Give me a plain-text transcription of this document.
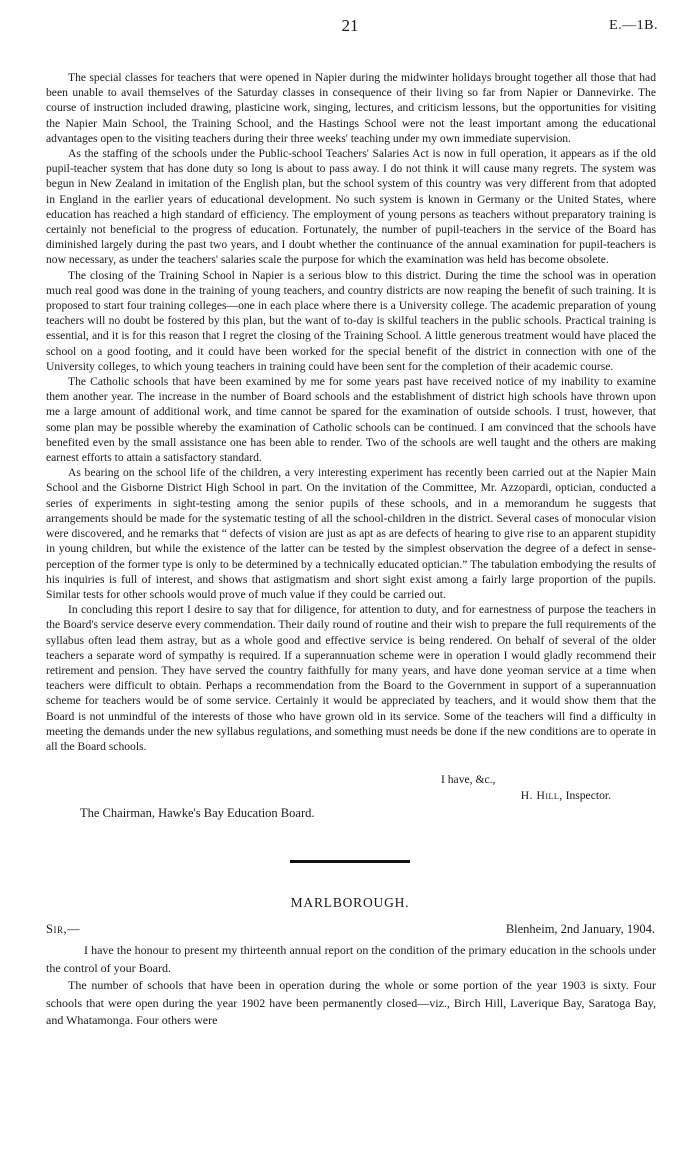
21	E.—1B.

The special classes for teachers that were opened in Napier during the midwinter holidays brought together all those that had been unable to avail themselves of the Saturday classes in consequence of their living so far from Napier or Dannevirke. The course of instruction included drawing, plasticine work, singing, lectures, and criticism lessons, but the opportunities for visiting the Napier Main School, the Training School, and the Hastings School were not the least important among the educational advantages open to the visiting teachers during their three weeks' teaching under my own immediate supervision.

As the staffing of the schools under the Public-school Teachers' Salaries Act is now in full operation, it appears as if the old pupil-teacher system that has done duty so long is about to pass away. I do not think it will cause many regrets. The system was begun in New Zealand in imitation of the English plan, but the school system of this country was very different from that adopted in England in the earlier years of educational development. No such system is known in Germany or the United States, where education has reached a high standard of efficiency. The employment of young persons as teachers without preparatory training is certainly not beneficial to the progress of education. Fortunately, the number of pupil-teachers in the service of the Board has diminished largely during the past two years, and I doubt whether the continuance of the annual examination for pupil-teachers is now necessary, as under the teachers' salaries scale the purpose for which the examination was held has become obsolete.

The closing of the Training School in Napier is a serious blow to this district. During the time the school was in operation much real good was done in the training of young teachers, and country districts are now reaping the benefit of such training. It is proposed to start four training colleges—one in each place where there is a University college. The academic preparation of young teachers will no doubt be fostered by this plan, but the want of to-day is skilful teachers in the public schools. Practical training is essential, and it is for this reason that I regret the closing of the Training School. A little generous treatment would have placed the school on a good footing, and it could have been worked for the special benefit of the district in connection with one of the University colleges, to which young teachers in training could have been sent for the completion of their academic course.

The Catholic schools that have been examined by me for some years past have received notice of my inability to examine them another year. The increase in the number of Board schools and the establishment of district high schools have thrown upon me a large amount of additional work, and time cannot be spared for the examination of outside schools. I trust, however, that some plan may be possible whereby the examination of Catholic schools can be continued. I am convinced that the schools have benefited even by the small assistance one has been able to render. Two of the schools are well taught and the others are making earnest efforts to attain a satisfactory standard.

As bearing on the school life of the children, a very interesting experiment has recently been carried out at the Napier Main School and the Gisborne District High School in part. On the invitation of the Committee, Mr. Azzopardi, optician, conducted a series of experiments in sight-testing among the senior pupils of these schools, and in a memorandum he suggests that arrangements should be made for the systematic testing of all the school-children in the district. Several cases of monocular vision were discovered, and he remarks that “ defects of vision are just as apt as are defects of hearing to give rise to an apparent stupidity in young children, but while the existence of the latter can be tested by the simplest observation the degree of a defect in sense-perception of the former type is only to be determined by a technically educated optician.” The tabulation embodying the results of his inquiries is full of interest, and shows that astigmatism and short sight exist among a fairly large proportion of the pupils. Similar tests for other schools would prove of much value if they could be carried out.

In concluding this report I desire to say that for diligence, for attention to duty, and for earnestness of purpose the teachers in the Board's service deserve every commendation. Their daily round of routine and their wish to prepare the full requirements of the syllabus often lead them astray, but as a whole good and effective service is being rendered. On behalf of several of the older teachers a separate word of sympathy is required. If a superannuation scheme were in operation I would gladly recommend their retirement and pension. They have served the country faithfully for many years, and have done yeoman service at a time when teachers were difficult to obtain. Perhaps a recommendation from the Board to the Government in support of a superannuation scheme for teachers would be of some service. Certainly it would be appreciated by teachers, and it would show them that the Board is not unmindful of the interests of those who have grown old in its service. Some of the teachers will find a difficulty in meeting the demands under the new syllabus regulations, and something must needs be done if the new conditions are to operate in all the Board schools.

I have, &c.,
H. Hill, Inspector.
The Chairman, Hawke's Bay Education Board.
MARLBOROUGH.
Sir,—	Blenheim, 2nd January, 1904.

I have the honour to present my thirteenth annual report on the condition of the primary education in the schools under the control of your Board.

The number of schools that have been in operation during the whole or some portion of the year 1903 is sixty. Four schools that were open during the year 1902 have been permanently closed—viz., Birch Hill, Laverique Bay, Saratoga Bay, and Whatamonga. Four others were
